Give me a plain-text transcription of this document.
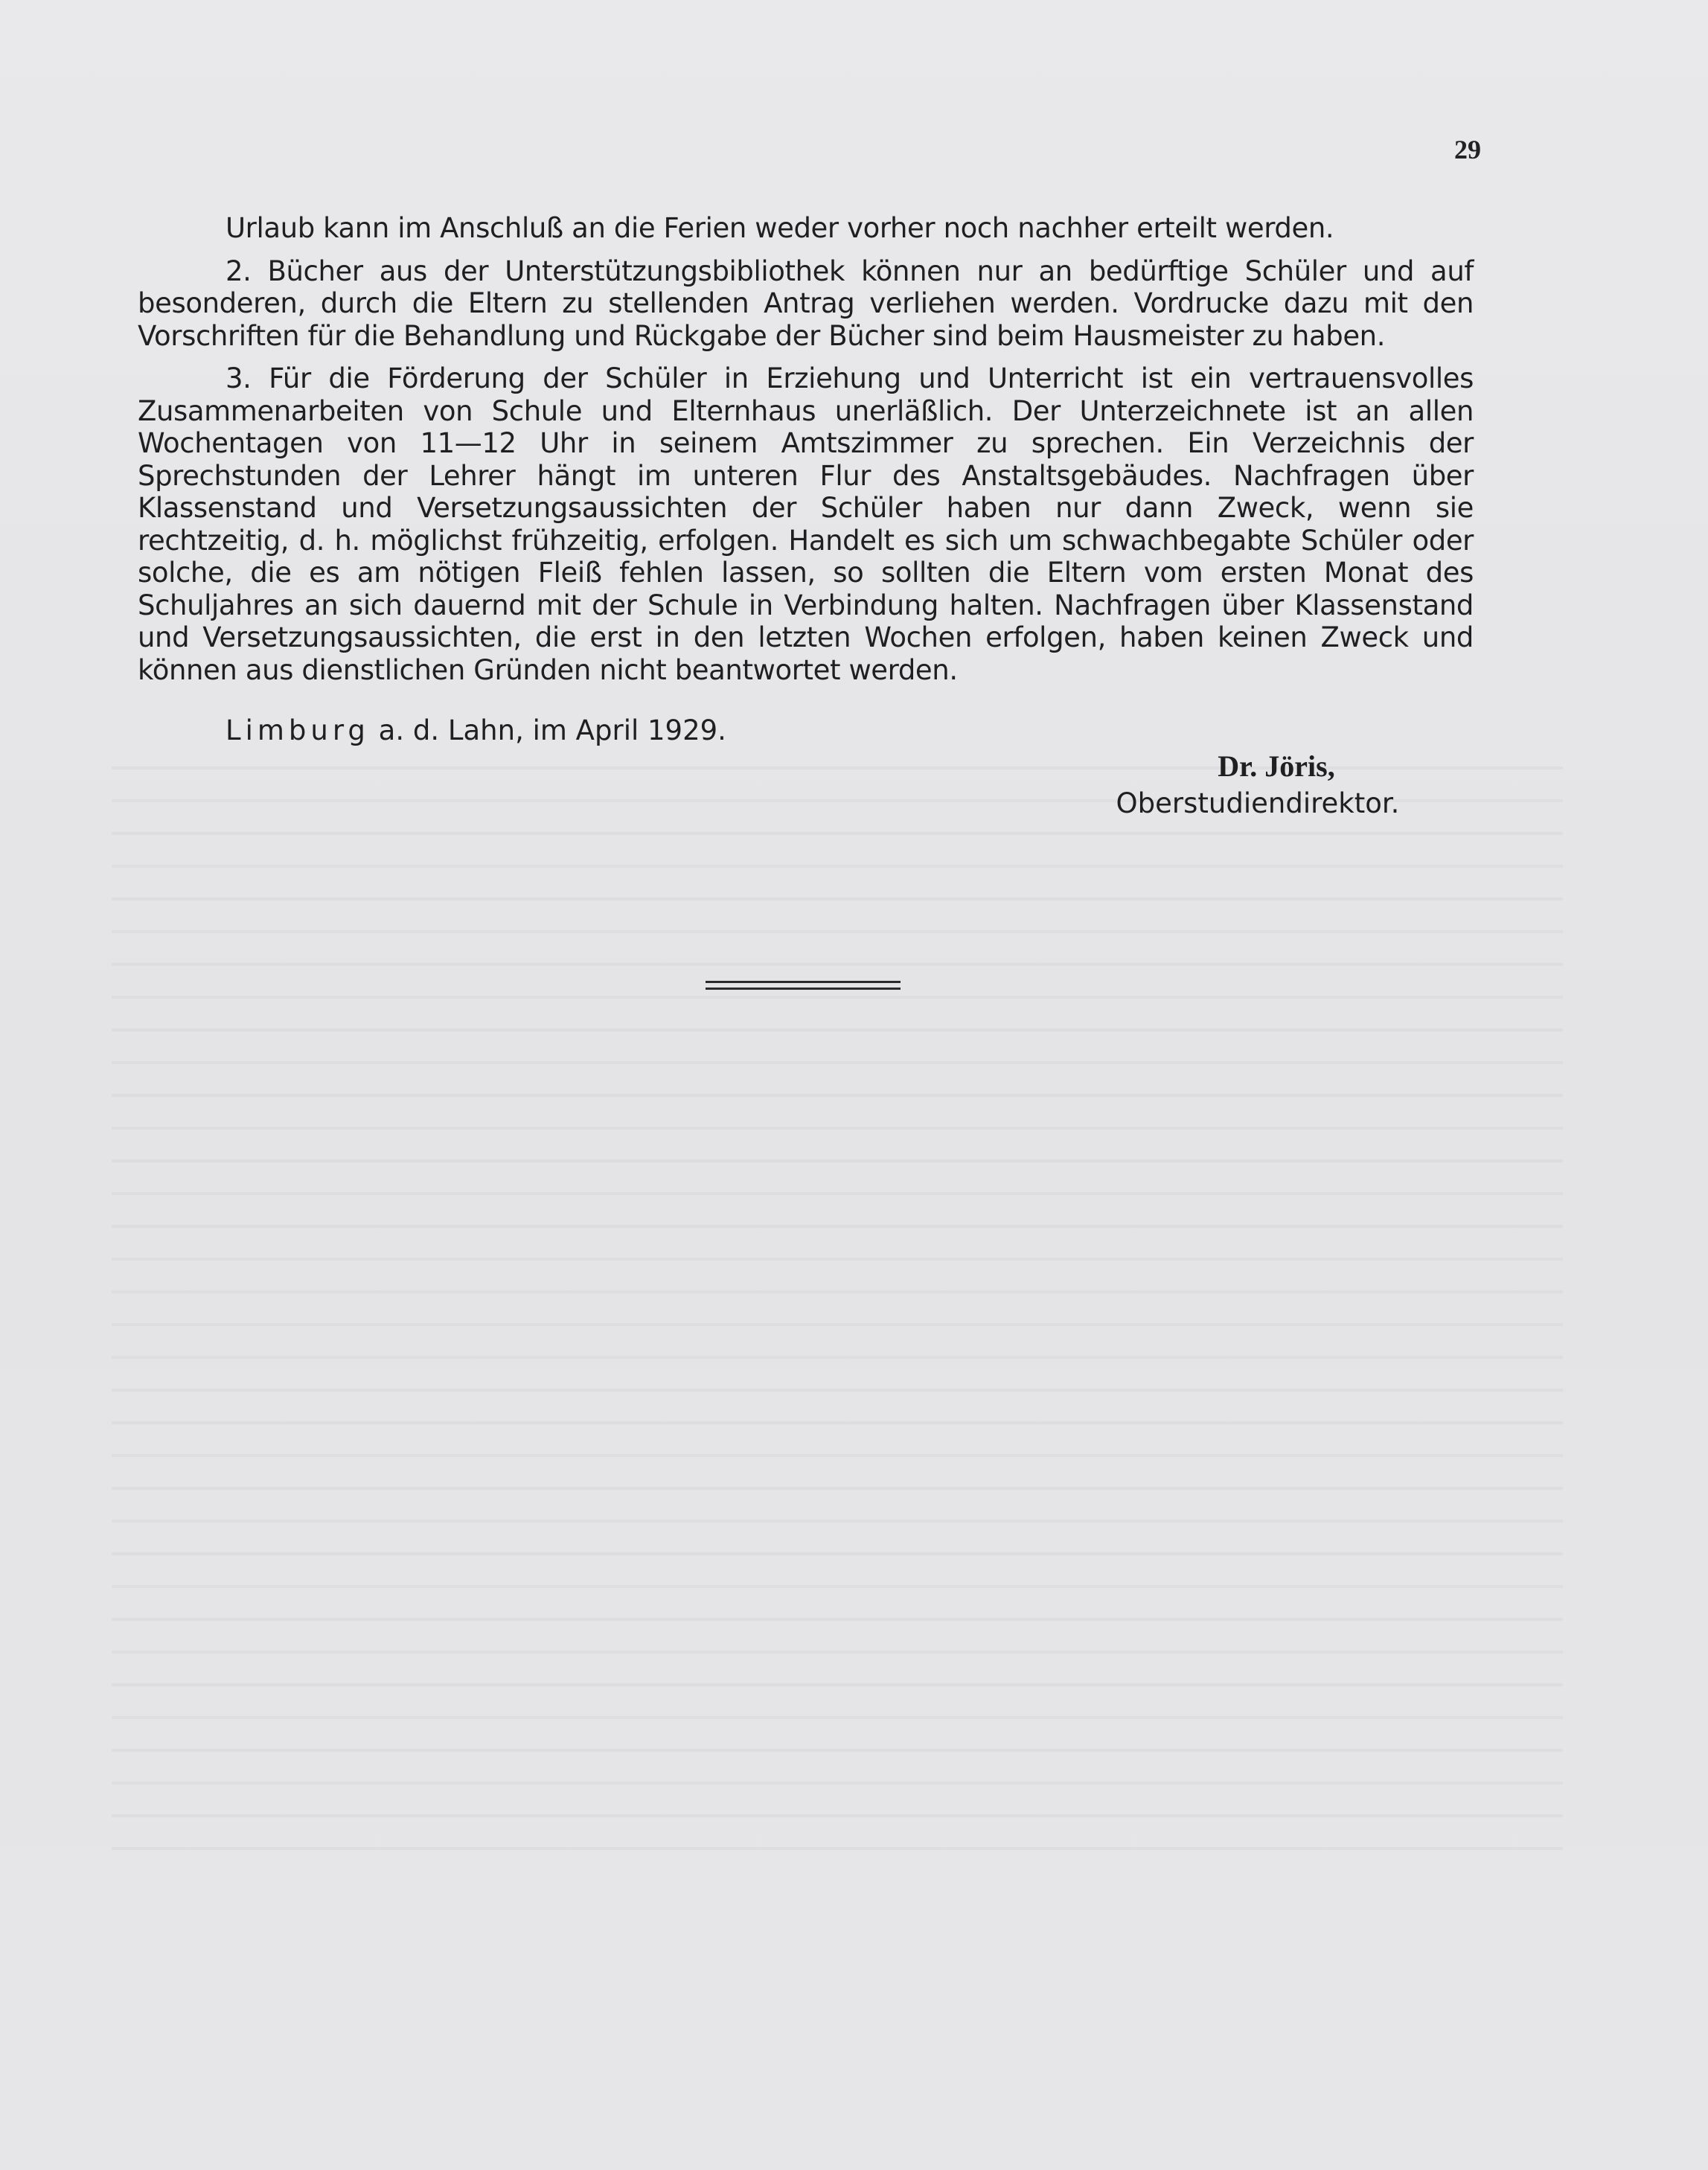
29

Urlaub kann im Anschluß an die Ferien weder vorher noch nachher erteilt werden.

2. Bücher aus der Unterstützungsbibliothek können nur an bedürftige Schüler und auf besonderen, durch die Eltern zu stellenden Antrag verliehen werden. Vordrucke dazu mit den Vorschriften für die Behandlung und Rückgabe der Bücher sind beim Hausmeister zu haben.

3. Für die Förderung der Schüler in Erziehung und Unterricht ist ein vertrauensvolles Zusammenarbeiten von Schule und Elternhaus unerläßlich. Der Unterzeichnete ist an allen Wochentagen von 11—12 Uhr in seinem Amtszimmer zu sprechen. Ein Verzeichnis der Sprechstunden der Lehrer hängt im unteren Flur des Anstaltsgebäudes. Nachfragen über Klassenstand und Versetzungsaussichten der Schüler haben nur dann Zweck, wenn sie rechtzeitig, d. h. möglichst frühzeitig, erfolgen. Handelt es sich um schwachbegabte Schüler oder solche, die es am nötigen Fleiß fehlen lassen, so sollten die Eltern vom ersten Monat des Schuljahres an sich dauernd mit der Schule in Verbindung halten. Nachfragen über Klassenstand und Versetzungsaussichten, die erst in den letzten Wochen erfolgen, haben keinen Zweck und können aus dienstlichen Gründen nicht beantwortet werden.

Limburg a. d. Lahn, im April 1929.
Dr. Jöris,
Oberstudiendirektor.
